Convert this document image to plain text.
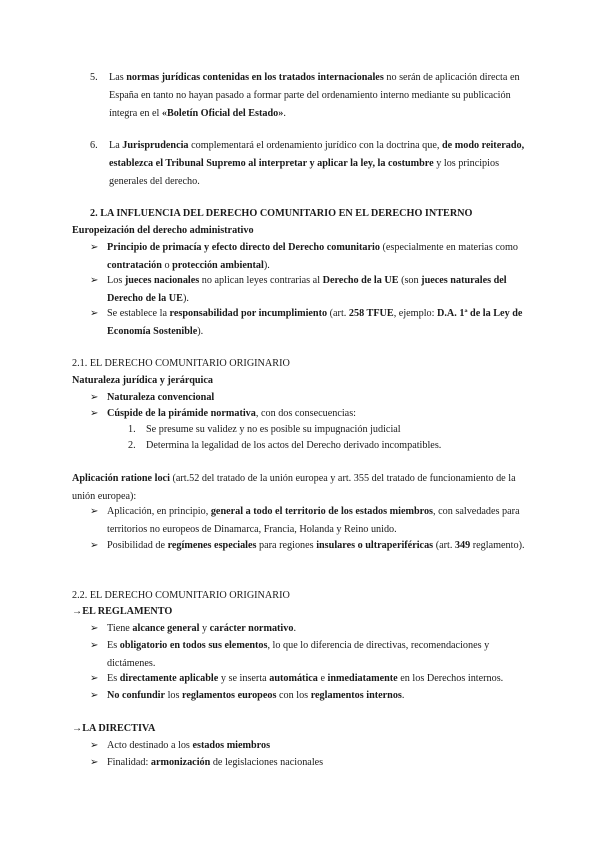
5. Las normas jurídicas contenidas en los tratados internacionales no serán de aplicación directa en España en tanto no hayan pasado a formar parte del ordenamiento interno mediante su publicación íntegra en el «Boletín Oficial del Estado».
6. La Jurisprudencia complementará el ordenamiento jurídico con la doctrina que, de modo reiterado, establezca el Tribunal Supremo al interpretar y aplicar la ley, la costumbre y los principios generales del derecho.
2. LA INFLUENCIA DEL DERECHO COMUNITARIO EN EL DERECHO INTERNO
Europeización del derecho administrativo
➢ Principio de primacía y efecto directo del Derecho comunitario (especialmente en materias como contratación o protección ambiental).
➢ Los jueces nacionales no aplican leyes contrarias al Derecho de la UE (son jueces naturales del Derecho de la UE).
➢ Se establece la responsabilidad por incumplimiento (art. 258 TFUE, ejemplo: D.A. 1ª de la Ley de Economía Sostenible).
2.1. EL DERECHO COMUNITARIO ORIGINARIO
Naturaleza jurídica y jerárquica
➢ Naturaleza convencional
➢ Cúspide de la pirámide normativa, con dos consecuencias:
1. Se presume su validez y no es posible su impugnación judicial
2. Determina la legalidad de los actos del Derecho derivado incompatibles.
Aplicación ratione loci (art.52 del tratado de la unión europea y art. 355 del tratado de funcionamiento de la unión europea):
➢ Aplicación, en principio, general a todo el territorio de los estados miembros, con salvedades para territorios no europeos de Dinamarca, Francia, Holanda y Reino unido.
➢ Posibilidad de regímenes especiales para regiones insulares o ultraperiféricas (art. 349 reglamento).
2.2. EL DERECHO COMUNITARIO ORIGINARIO
→EL REGLAMENTO
➢ Tiene alcance general y carácter normativo.
➢ Es obligatorio en todos sus elementos, lo que lo diferencia de directivas, recomendaciones y dictámenes.
➢ Es directamente aplicable y se inserta automática e inmediatamente en los Derechos internos.
➢ No confundir los reglamentos europeos con los reglamentos internos.
→LA DIRECTIVA
➢ Acto destinado a los estados miembros
➢ Finalidad: armonización de legislaciones nacionales
